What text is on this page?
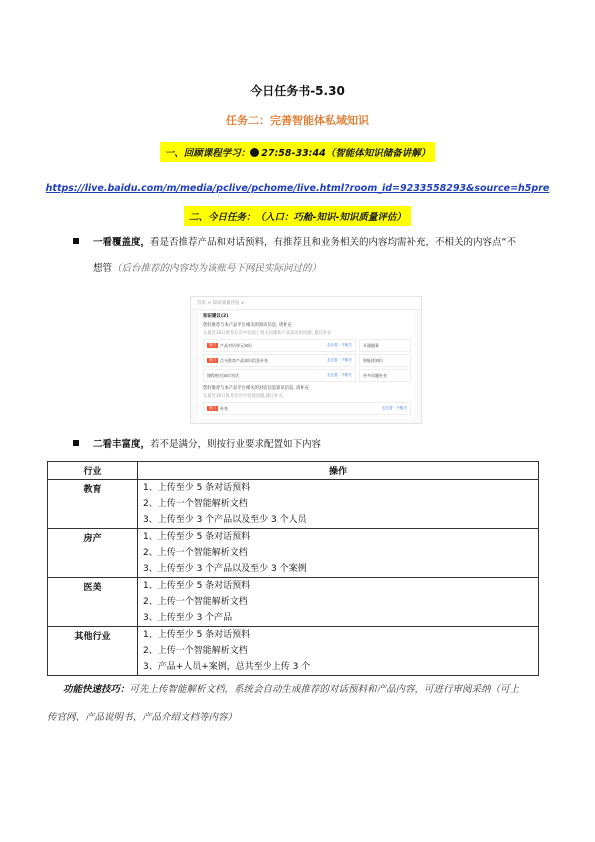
今日任务书-5.30
任务二：完善智能体私域知识
一、回顾课程学习： 27:58-33:44（智能体知识储备讲解）
https://live.baidu.com/m/media/pclive/pchome/live.html?room_id=9233558293&source=h5pre
二、今日任务：（入口：巧舱-知识-知识质量评估）
一看覆盖度，看是否推荐产品和对话预料，有推荐且和业务相关的内容均需补充，不相关的内容点“不
想管（后台推荐的内容均为该账号下网民实际问过的）
首页 > 知识质量评估 ∨
知识建议(2)
您好推荐与本产品平台相关的知识信息, 请补充
在最近30日推荐位次中发现了相关问题和产品知识的问题, 建议补充
热门	产品对话单元知识	去完善 · 不相关	开通服务
热门	点头推荐产品知识信息补充	去完善 · 不相关	智能体知识
课程相关知识对话	去完善 · 不相关	更多问题补充
您好推荐与本产品平台相关的对话信息知识信息, 请补充
在最近30日推荐位次中发现问题,建议补充
热门	补充	去完善 · 不相关
二看丰富度，若不是满分，则按行业要求配置如下内容
行业	操作
教育	1、上传至少 5 条对话预料
2、上传一个智能解析文档
3、上传至少 3 个产品以及至少 3 个人员

房产	1、上传至少 5 条对话预料
2、上传一个智能解析文档
3、上传至少 3 个产品以及至少 3 个案例

医美	1、上传至少 5 条对话预料
2、上传一个智能解析文档
3、上传至少 3 个产品

其他行业	1、上传至少 5 条对话预料
2、上传一个智能解析文档
3、产品+人员+案例，总共至少上传 3 个
功能快速技巧：可先上传智能解析文档，系统会自动生成推荐的对话预料和产品内容，可进行审阅采纳（可上
传官网、产品说明书、产品介绍文档等内容）
